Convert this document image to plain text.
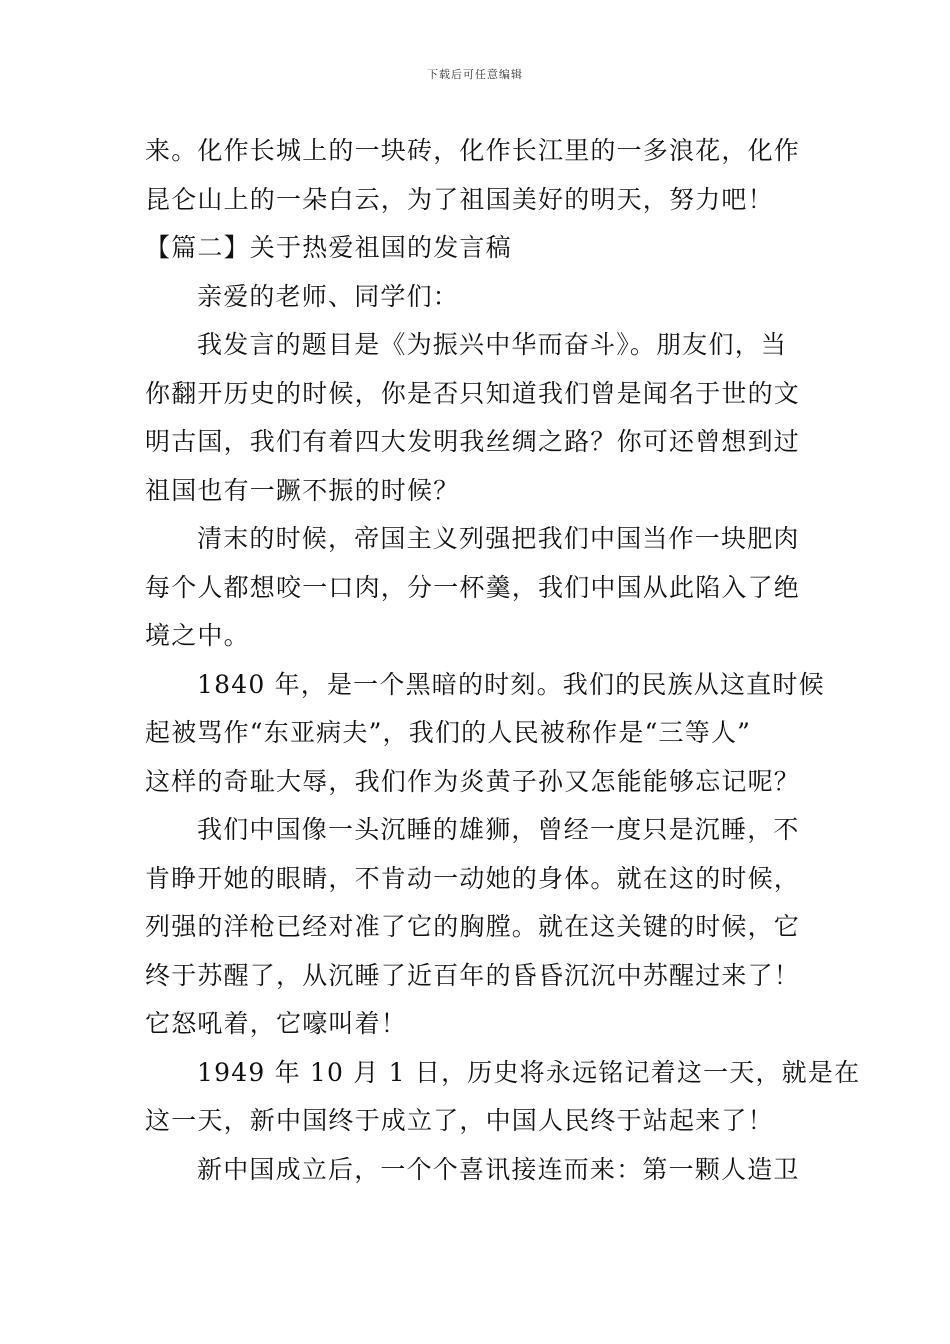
下载后可任意编辑
来。化作长城上的一块砖，化作长江里的一多浪花，化作
昆仑山上的一朵白云，为了祖国美好的明天，努力吧！
【篇二】关于热爱祖国的发言稿
亲爱的老师、同学们：
我发言的题目是《为振兴中华而奋斗》。朋友们，当
你翻开历史的时候，你是否只知道我们曾是闻名于世的文
明古国，我们有着四大发明我丝绸之路？你可还曾想到过
祖国也有一蹶不振的时候？
清末的时候，帝国主义列强把我们中国当作一块肥肉
每个人都想咬一口肉，分一杯羹，我们中国从此陷入了绝
境之中。
1840 年，是一个黑暗的时刻。我们的民族从这直时候
起被骂作“东亚病夫”，我们的人民被称作是“三等人”
这样的奇耻大辱，我们作为炎黄子孙又怎能能够忘记呢？
我们中国像一头沉睡的雄狮，曾经一度只是沉睡，不
肯睁开她的眼睛，不肯动一动她的身体。就在这的时候，
列强的洋枪已经对准了它的胸膛。就在这关键的时候，它
终于苏醒了，从沉睡了近百年的昏昏沉沉中苏醒过来了！
它怒吼着，它嚎叫着！
1949 年 10 月 1 日，历史将永远铭记着这一天，就是在
这一天，新中国终于成立了，中国人民终于站起来了！
新中国成立后，一个个喜讯接连而来：第一颗人造卫
